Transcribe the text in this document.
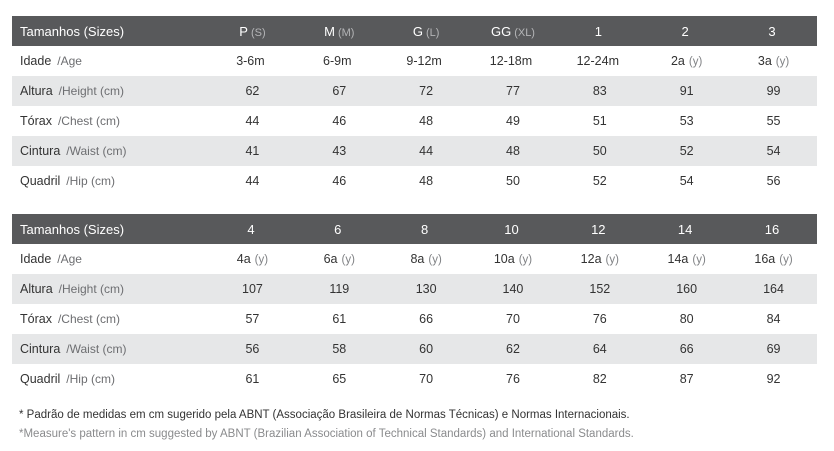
Tamanhos (Sizes)	P (S)	M (M)	G (L)	GG (XL)	1	2	3
Idade /Age	3-6m	6-9m	9-12m	12-18m	12-24m	2a (y)	3a (y)
Altura /Height (cm)	62	67	72	77	83	91	99
Tórax /Chest (cm)	44	46	48	49	51	53	55
Cintura /Waist (cm)	41	43	44	48	50	52	54
Quadril /Hip (cm)	44	46	48	50	52	54	56
Tamanhos (Sizes)	4	6	8	10	12	14	16
Idade /Age	4a (y)	6a (y)	8a (y)	10a (y)	12a (y)	14a (y)	16a (y)
Altura /Height (cm)	107	119	130	140	152	160	164
Tórax /Chest (cm)	57	61	66	70	76	80	84
Cintura /Waist (cm)	56	58	60	62	64	66	69
Quadril /Hip (cm)	61	65	70	76	82	87	92
* Padrão de medidas em cm sugerido pela ABNT (Associação Brasileira de Normas Técnicas) e Normas Internacionais.
*Measure's pattern in cm suggested by ABNT (Brazilian Association of Technical Standards) and International Standards.
